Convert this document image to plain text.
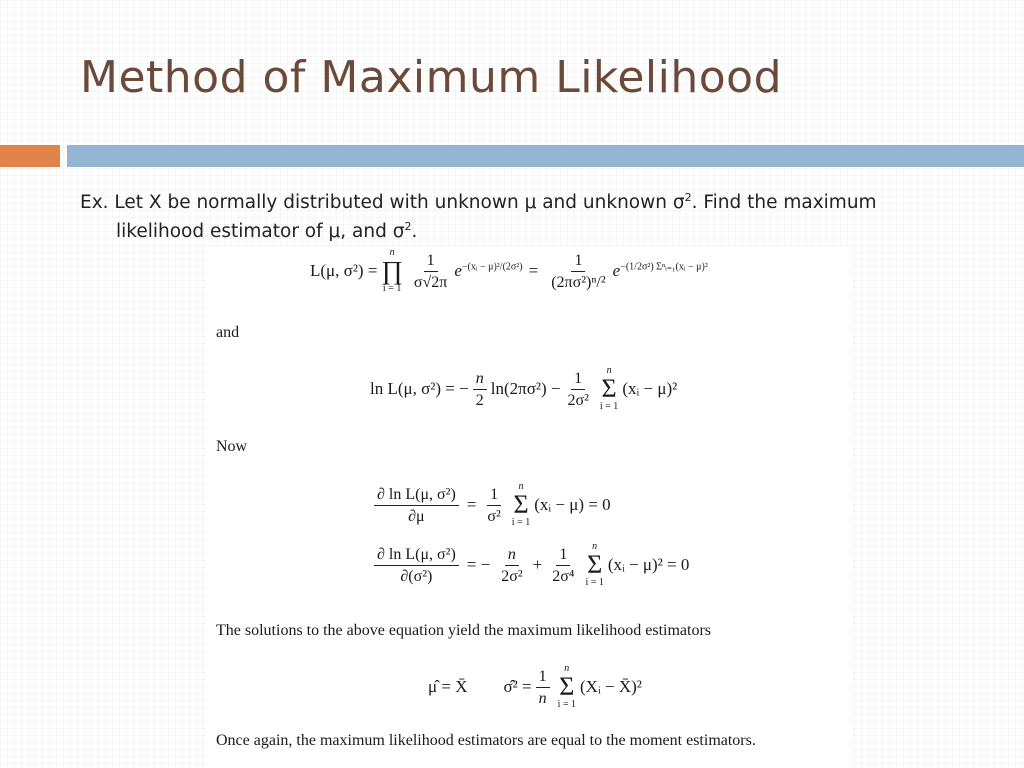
Method of Maximum Likelihood
Ex. Let X be normally distributed with unknown μ and unknown $\sigma^2$. Find the maximum
likelihood estimator of μ, and $\sigma^2$.
L(μ, σ²) =
n
∏
$i = 1 \frac{1}{\sigma√2\pi} e^{-(xᵢ - \mu)^2/(2\sigma^2)} = \frac{1}{\text{(2πσ²)ⁿ/²}} e^{-(1/2\sigma^2) \Sigma^nᵢ_{=1}(xᵢ - \mu)^2}$
and
ln L(μ, σ²) = − $\frac{n}{2} \ln(2\pi\sigma^2) - \frac{1}{\text{2σ²}}$ n
Σ
i = 1
(xᵢ − μ)²
Now
$\frac{\text{∂ ln L(μ, σ²)}}{\partial\mu} = \frac{1}{\text{σ²}}$ n
Σ
i = 1
(xᵢ − μ) = 0
$\frac{\text{∂ ln L(μ, σ²)}}{\text{∂(σ²)}}$ = − $\frac{n}{\text{2σ²}} + \frac{1}{\text{2σ⁴}}$ n
Σ
i = 1
(xᵢ − μ)² = 0
The solutions to the above equation yield the maximum likelihood estimators
μ̂ = X̄ σ̂² = $\frac{1}{n}$ n
Σ
i = 1
(Xᵢ − X̄)²
Once again, the maximum likelihood estimators are equal to the moment estimators.
